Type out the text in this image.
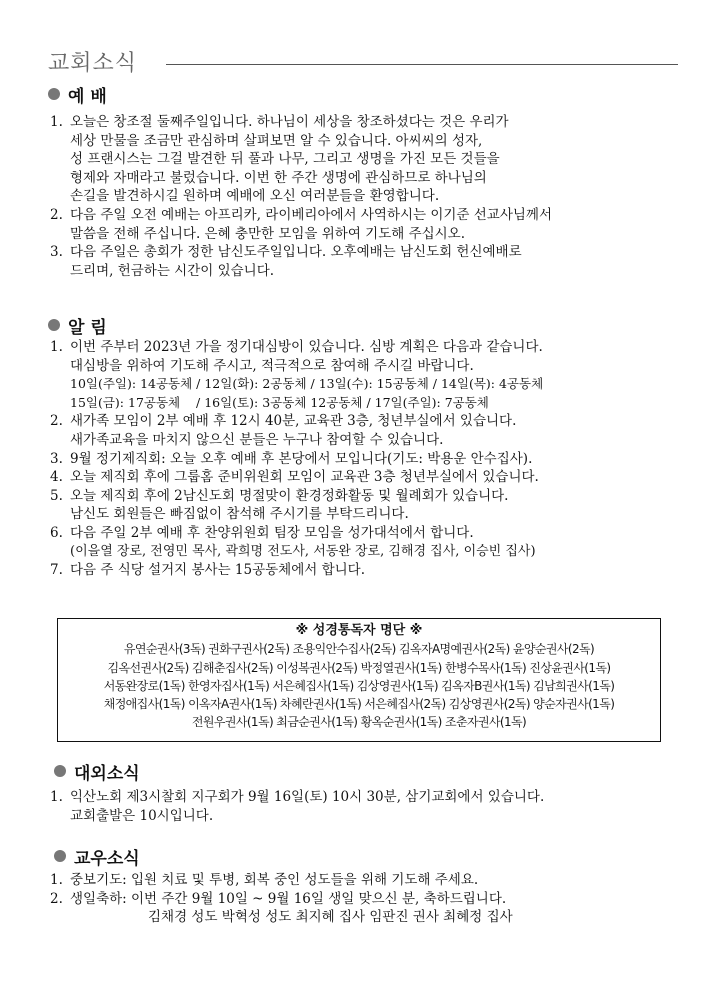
교회소식
예 배
1. 오늘은 창조절 둘째주일입니다. 하나님이 세상을 창조하셨다는 것은 우리가
세상 만물을 조금만 관심하며 살펴보면 알 수 있습니다. 아씨씨의 성자,
성 프랜시스는 그걸 발견한 뒤 풀과 나무, 그리고 생명을 가진 모든 것들을
형제와 자매라고 불렀습니다. 이번 한 주간 생명에 관심하므로 하나님의
손길을 발견하시길 원하며 예배에 오신 여러분들을 환영합니다.
2. 다음 주일 오전 예배는 아프리카, 라이베리아에서 사역하시는 이기준 선교사님께서
말씀을 전해 주십니다. 은혜 충만한 모임을 위하여 기도해 주십시오.
3. 다음 주일은 총회가 정한 남신도주일입니다. 오후예배는 남신도회 헌신예배로
드리며, 헌금하는 시간이 있습니다.
알 림
1. 이번 주부터 2023년 가을 정기대심방이 있습니다. 심방 계획은 다음과 같습니다.
대심방을 위하여 기도해 주시고, 적극적으로 참여해 주시길 바랍니다.
10일(주일): 14공동체 / 12일(화): 2공동체 / 13일(수): 15공동체 / 14일(목): 4공동체
15일(금): 17공동체    / 16일(토): 3공동체 12공동체 / 17일(주일): 7공동체
2. 새가족 모임이 2부 예배 후 12시 40분, 교육관 3층, 청년부실에서 있습니다.
새가족교육을 마치지 않으신 분들은 누구나 참여할 수 있습니다.
3. 9월 정기제직회: 오늘 오후 예배 후 본당에서 모입니다(기도: 박용운 안수집사).
4. 오늘 제직회 후에 그룹홈 준비위원회 모임이 교육관 3층 청년부실에서 있습니다.
5. 오늘 제직회 후에 2남신도회 명절맞이 환경정화활동 및 월례회가 있습니다.
남신도 회원들은 빠짐없이 참석해 주시기를 부탁드리니다.
6. 다음 주일 2부 예배 후 찬양위원회 팀장 모임을 성가대석에서 합니다.
(이을열 장로, 전영민 목사, 곽희명 전도사, 서동완 장로, 김해경 집사, 이승빈 집사)
7. 다음 주 식당 설거지 봉사는 15공동체에서 합니다.
※ 성경통독자 명단 ※
유연순권사(3독) 권화구권사(2독) 조용익안수집사(2독) 김옥자A명예권사(2독) 윤양순권사(2독)
김옥선권사(2독) 김해춘집사(2독) 이성복권사(2독) 박정열권사(1독) 한병수목사(1독) 진상윤권사(1독)
서동완장로(1독) 한영자집사(1독) 서은혜집사(1독) 김상영권사(1독) 김옥자B권사(1독) 김남희권사(1독)
채정애집사(1독) 이옥자A권사(1독) 차혜란권사(1독) 서은혜집사(2독) 김상영권사(2독) 양순자권사(1독)
전원우권사(1독) 최금순권사(1독) 황옥순권사(1독) 조춘자권사(1독)
대외소식
1. 익산노회 제3시찰회 지구회가 9월 16일(토) 10시 30분, 삼기교회에서 있습니다.
교회출발은 10시입니다.
교우소식
1. 중보기도: 입원 치료 및 투병, 회복 중인 성도들을 위해 기도해 주세요.
2. 생일축하: 이번 주간 9월 10일 ~ 9월 16일 생일 맞으신 분, 축하드립니다.
김채경 성도 박혁성 성도 최지혜 집사 임판진 권사 최혜정 집사
